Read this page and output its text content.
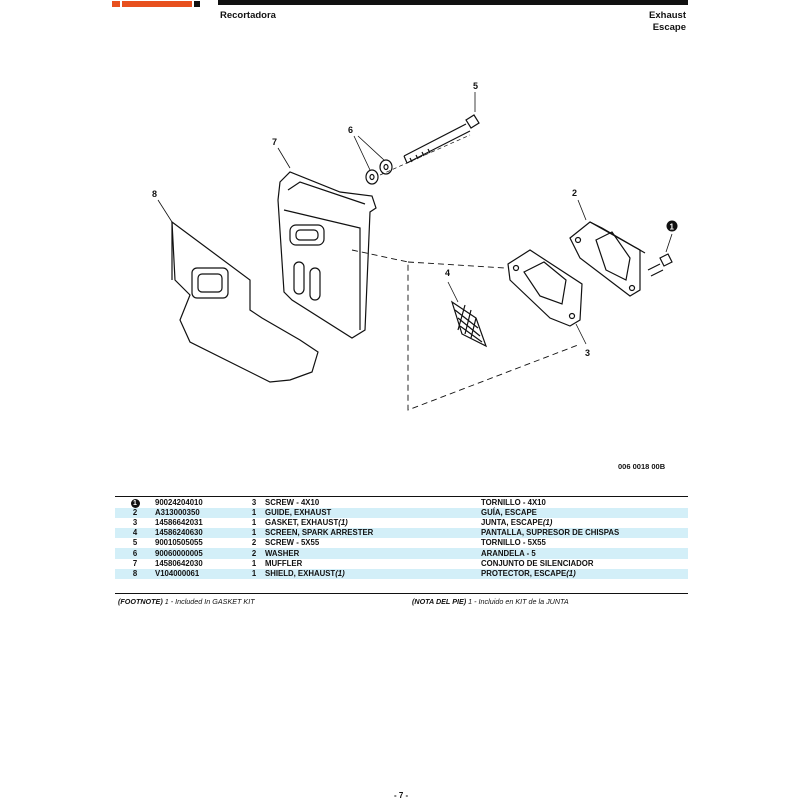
Recortadora	Exhaust
Escape
5
6
7
8	2
1
4
3
006 0018 00B
1	90024204010	3	SCREW - 4X10	TORNILLO - 4X10
2	A313000350	1	GUIDE, EXHAUST	GUÍA, ESCAPE
3	14586642031	1	GASKET, EXHAUST(1)	JUNTA, ESCAPE(1)
4	14586240630	1	SCREEN, SPARK ARRESTER	PANTALLA, SUPRESOR DE CHISPAS
5	90010505055	2	SCREW - 5X55	TORNILLO - 5X55
6	90060000005	2	WASHER	ARANDELA - 5
7	14580642030	1	MUFFLER	CONJUNTO DE SILENCIADOR
8	V104000061	1	SHIELD, EXHAUST(1)	PROTECTOR, ESCAPE(1)
(FOOTNOTE) 1 - Included In GASKET KIT	(NOTA DEL PIE) 1 - Incluido en KIT de la JUNTA
- 7 -
